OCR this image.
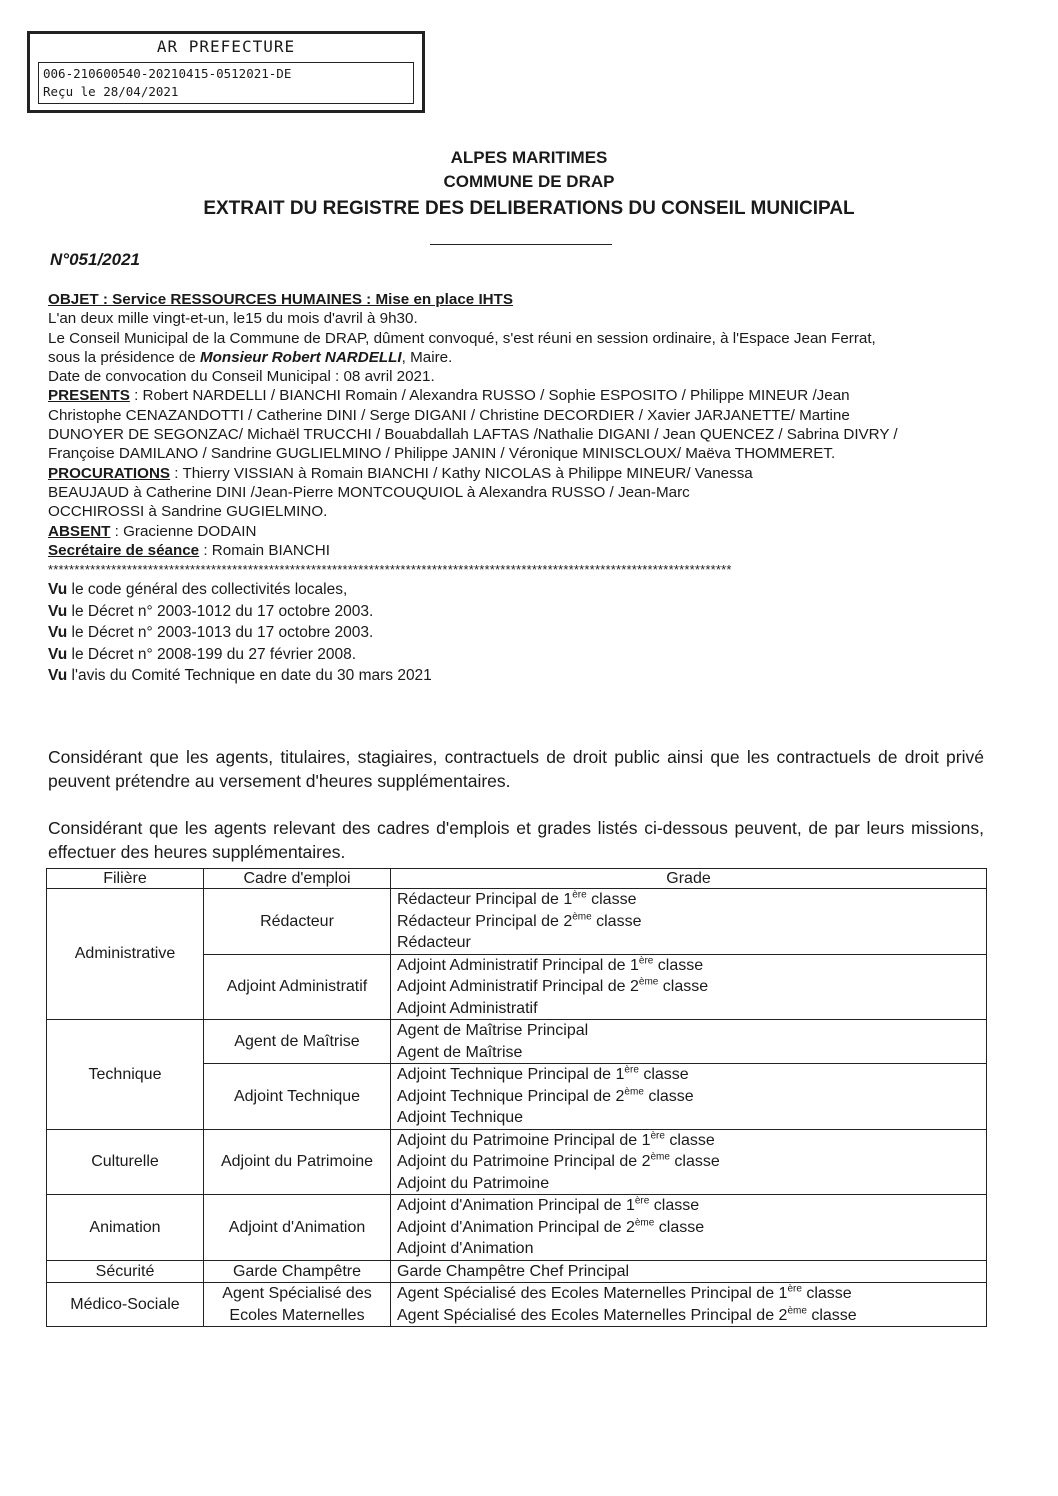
AR PREFECTURE
006-210600540-20210415-0512021-DE
Reçu le 28/04/2021
ALPES MARITIMES
COMMUNE DE DRAP
EXTRAIT DU REGISTRE DES DELIBERATIONS DU CONSEIL MUNICIPAL
N°051/2021

OBJET : Service RESSOURCES HUMAINES : Mise en place IHTS

L'an deux mille vingt-et-un, le15 du mois d'avril à 9h30.

Le Conseil Municipal de la Commune de DRAP, dûment convoqué, s'est réuni en session ordinaire, à l'Espace Jean Ferrat,

sous la présidence de Monsieur Robert NARDELLI, Maire.

Date de convocation du Conseil Municipal : 08 avril 2021.

PRESENTS : Robert NARDELLI / BIANCHI Romain / Alexandra RUSSO / Sophie ESPOSITO / Philippe MINEUR /Jean

Christophe CENAZANDOTTI / Catherine DINI / Serge DIGANI / Christine DECORDIER / Xavier JARJANETTE/ Martine

DUNOYER DE SEGONZAC/ Michaël TRUCCHI / Bouabdallah LAFTAS /Nathalie DIGANI / Jean QUENCEZ / Sabrina DIVRY /

Françoise DAMILANO / Sandrine GUGLIELMINO / Philippe JANIN / Véronique MINISCLOUX/ Maëva THOMMERET.

PROCURATIONS : Thierry VISSIAN à Romain BIANCHI / Kathy NICOLAS à Philippe MINEUR/ Vanessa

BEAUJAUD à Catherine DINI /Jean-Pierre MONTCOUQUIOL à Alexandra RUSSO / Jean-Marc

OCCHIROSSI à Sandrine GUGIELMINO.

ABSENT : Gracienne DODAIN

Secrétaire de séance : Romain BIANCHI

**********************************************************************************************************************************

Vu le code général des collectivités locales,

Vu le Décret n° 2003-1012 du 17 octobre 2003.

Vu le Décret n° 2003-1013 du 17 octobre 2003.

Vu le Décret n° 2008-199 du 27 février 2008.

Vu l'avis du Comité Technique en date du 30 mars 2021

Considérant que les agents, titulaires, stagiaires, contractuels de droit public ainsi que les contractuels de droit privé peuvent prétendre au versement d'heures supplémentaires.

Considérant que les agents relevant des cadres d'emplois et grades listés ci-dessous peuvent, de par leurs missions, effectuer des heures supplémentaires.

Filière	Cadre d'emploi	Grade
Administrative	Rédacteur	Rédacteur Principal de 1ère classe
Rédacteur Principal de 2ème classe
Rédacteur

	Adjoint Administratif	Adjoint Administratif Principal de 1ère classe
Adjoint Administratif Principal de 2ème classe
Adjoint Administratif

Technique	Agent de Maîtrise	Agent de Maîtrise Principal
Agent de Maîtrise

	Adjoint Technique	Adjoint Technique Principal de 1ère classe
Adjoint Technique Principal de 2ème classe
Adjoint Technique

Culturelle	Adjoint du Patrimoine	Adjoint du Patrimoine Principal de 1ère classe
Adjoint du Patrimoine Principal de 2ème classe
Adjoint du Patrimoine

Animation	Adjoint d'Animation	Adjoint d'Animation Principal de 1ère classe
Adjoint d'Animation Principal de 2ème classe
Adjoint d'Animation

Sécurité	Garde Champêtre	Garde Champêtre Chef Principal

Médico-Sociale	Agent Spécialisé des Ecoles Maternelles	Agent Spécialisé des Ecoles Maternelles Principal de 1ère classe
Agent Spécialisé des Ecoles Maternelles Principal de 2ème classe
